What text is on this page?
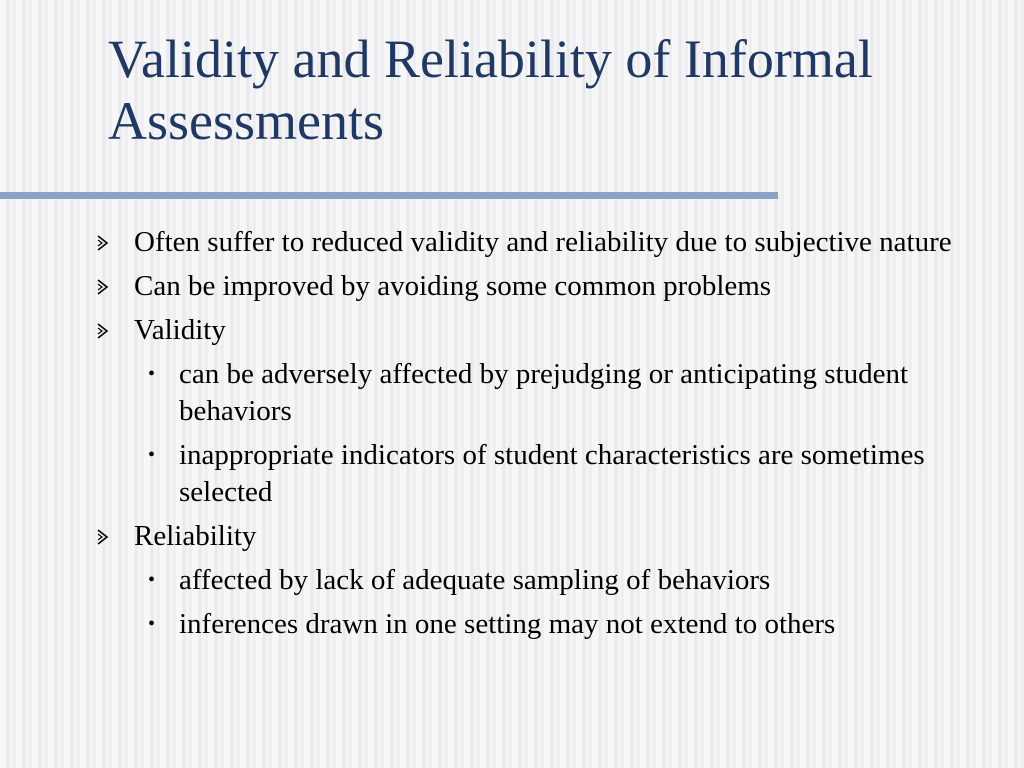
Validity and Reliability of Informal Assessments
Often suffer to reduced validity and reliability due to subjective nature
Can be improved by avoiding some common problems
Validity
• can be adversely affected by prejudging or anticipating student behaviors
• inappropriate indicators of student characteristics are sometimes selected
Reliability
• affected by lack of adequate sampling of behaviors
• inferences drawn in one setting may not extend to others
